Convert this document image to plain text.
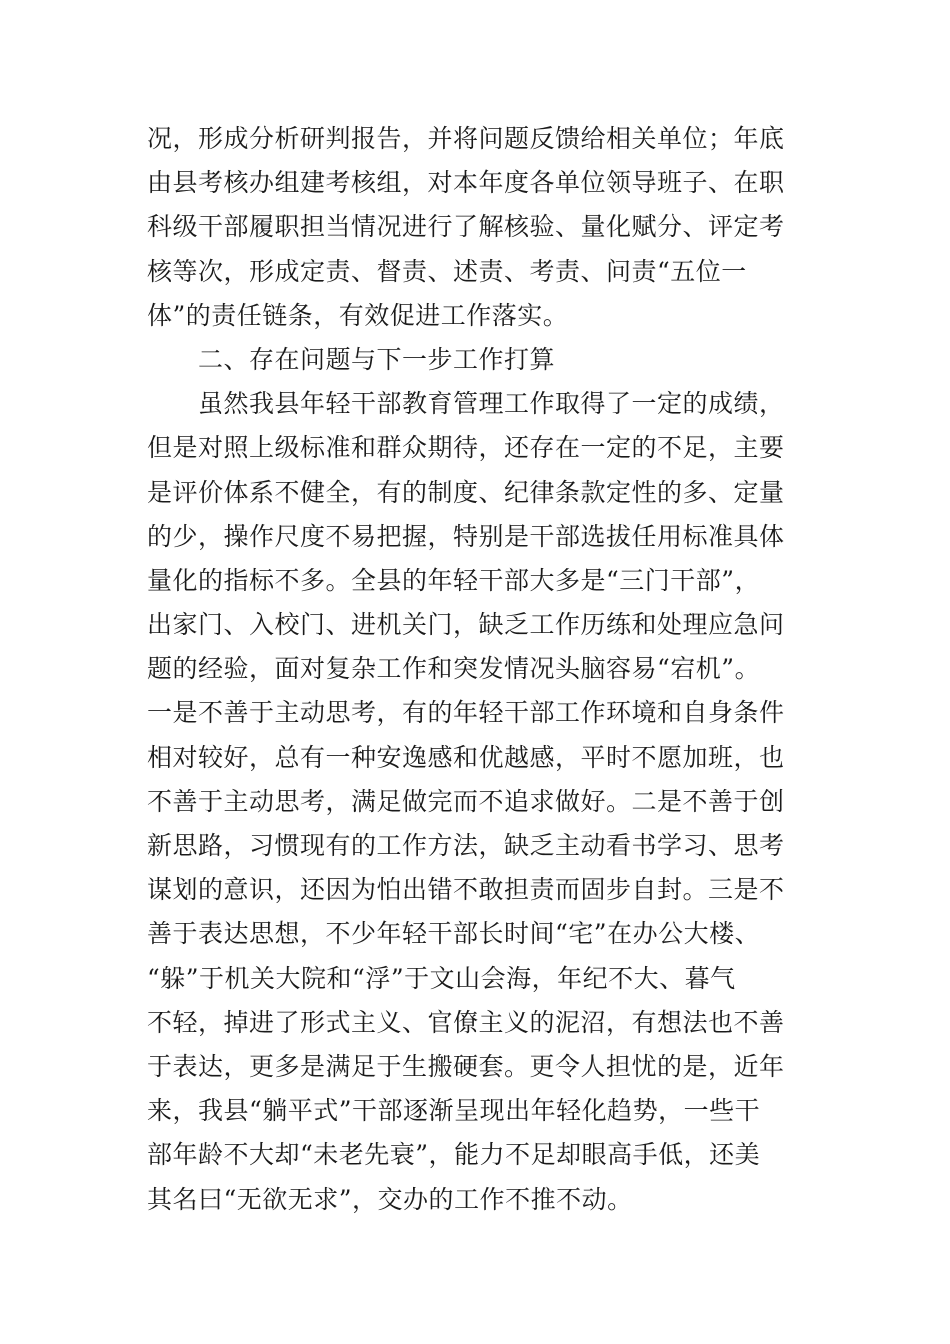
况，形成分析研判报告，并将问题反馈给相关单位；年底
由县考核办组建考核组，对本年度各单位领导班子、在职
科级干部履职担当情况进行了解核验、量化赋分、评定考
核等次，形成定责、督责、述责、考责、问责“五位一
体”的责任链条，有效促进工作落实。
二、存在问题与下一步工作打算
虽然我县年轻干部教育管理工作取得了一定的成绩，
但是对照上级标准和群众期待，还存在一定的不足，主要
是评价体系不健全，有的制度、纪律条款定性的多、定量
的少，操作尺度不易把握，特别是干部选拔任用标准具体
量化的指标不多。全县的年轻干部大多是“三门干部”，
出家门、入校门、进机关门，缺乏工作历练和处理应急问
题的经验，面对复杂工作和突发情况头脑容易“宕机”。
一是不善于主动思考，有的年轻干部工作环境和自身条件
相对较好，总有一种安逸感和优越感，平时不愿加班，也
不善于主动思考，满足做完而不追求做好。二是不善于创
新思路，习惯现有的工作方法，缺乏主动看书学习、思考
谋划的意识，还因为怕出错不敢担责而固步自封。三是不
善于表达思想，不少年轻干部长时间“宅”在办公大楼、
“躲”于机关大院和“浮”于文山会海，年纪不大、暮气
不轻，掉进了形式主义、官僚主义的泥沼，有想法也不善
于表达，更多是满足于生搬硬套。更令人担忧的是，近年
来，我县“躺平式”干部逐渐呈现出年轻化趋势，一些干
部年龄不大却“未老先衰”，能力不足却眼高手低，还美
其名曰“无欲无求”，交办的工作不推不动。
